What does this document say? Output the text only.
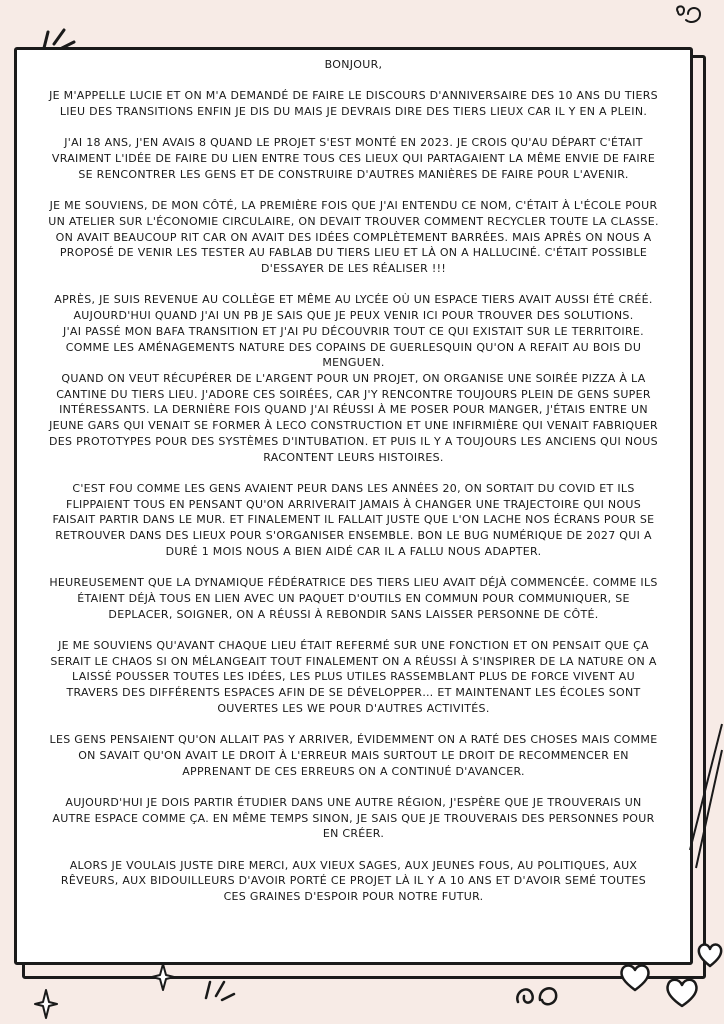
BONJOUR,

JE M'APPELLE LUCIE ET ON M'A DEMANDÉ DE FAIRE LE DISCOURS D'ANNIVERSAIRE DES 10 ANS DU TIERS LIEU DES TRANSITIONS ENFIN JE DIS DU MAIS JE DEVRAIS DIRE DES TIERS LIEUX CAR IL Y EN A PLEIN.

J'AI 18 ANS, J'EN AVAIS 8 QUAND LE PROJET S'EST MONTÉ EN 2023. JE CROIS QU'AU DÉPART C'ÉTAIT VRAIMENT L'IDÉE DE FAIRE DU LIEN ENTRE TOUS CES LIEUX QUI PARTAGAIENT LA MÊME ENVIE DE FAIRE SE RENCONTRER LES GENS ET DE CONSTRUIRE D'AUTRES MANIÈRES DE FAIRE POUR L'AVENIR.

JE ME SOUVIENS, DE MON CÔTÉ, LA PREMIÈRE FOIS QUE J'AI ENTENDU CE NOM, C'ÉTAIT À L'ÉCOLE POUR UN ATELIER SUR L'ÉCONOMIE CIRCULAIRE, ON DEVAIT TROUVER COMMENT RECYCLER TOUTE LA CLASSE. ON AVAIT BEAUCOUP RIT CAR ON AVAIT DES IDÉES COMPLÈTEMENT BARRÉES. MAIS APRÈS ON NOUS A PROPOSÉ DE VENIR LES TESTER AU FABLAB DU TIERS LIEU ET LÀ ON A HALLUCINÉ. C'ÉTAIT POSSIBLE D'ESSAYER DE LES RÉALISER !!!

APRÈS, JE SUIS REVENUE AU COLLÈGE ET MÊME AU LYCÉE OÙ UN ESPACE TIERS AVAIT AUSSI ÉTÉ CRÉÉ.
AUJOURD'HUI QUAND J'AI UN PB JE SAIS QUE JE PEUX VENIR ICI POUR TROUVER DES SOLUTIONS.
J'AI PASSÉ MON BAFA TRANSITION ET J'AI PU DÉCOUVRIR TOUT CE QUI EXISTAIT SUR LE TERRITOIRE. COMME LES AMÉNAGEMENTS NATURE DES COPAINS DE GUERLESQUIN QU'ON A REFAIT AU BOIS DU MENGUEN.
QUAND ON VEUT RÉCUPÉRER DE L'ARGENT POUR UN PROJET, ON ORGANISE UNE SOIRÉE PIZZA À LA CANTINE DU TIERS LIEU. J'ADORE CES SOIRÉES, CAR J'Y RENCONTRE TOUJOURS PLEIN DE GENS SUPER INTÉRESSANTS. LA DERNIÈRE FOIS QUAND J'AI RÉUSSI À ME POSER POUR MANGER, J'ÉTAIS ENTRE UN JEUNE GARS QUI VENAIT SE FORMER À LECO CONSTRUCTION ET UNE INFIRMIÈRE QUI VENAIT FABRIQUER DES PROTOTYPES POUR DES SYSTÈMES D'INTUBATION. ET PUIS IL Y A TOUJOURS LES ANCIENS QUI NOUS RACONTENT LEURS HISTOIRES.

C'EST FOU COMME LES GENS AVAIENT PEUR DANS LES ANNÉES 20, ON SORTAIT DU COVID ET ILS FLIPPAIENT TOUS EN PENSANT QU'ON ARRIVERAIT JAMAIS À CHANGER UNE TRAJECTOIRE QUI NOUS FAISAIT PARTIR DANS LE MUR. ET FINALEMENT IL FALLAIT JUSTE QUE L'ON LACHE NOS ÉCRANS POUR SE RETROUVER DANS DES LIEUX POUR S'ORGANISER ENSEMBLE. BON LE BUG NUMÉRIQUE DE 2027 QUI A DURÉ 1 MOIS NOUS A BIEN AIDÉ CAR IL A FALLU NOUS ADAPTER.

HEUREUSEMENT QUE LA DYNAMIQUE FÉDÉRATRICE DES TIERS LIEU AVAIT DÉJÀ COMMENCÉE. COMME ILS ÉTAIENT DÉJÀ TOUS EN LIEN AVEC UN PAQUET D'OUTILS EN COMMUN POUR COMMUNIQUER, SE DEPLACER, SOIGNER, ON A RÉUSSI À REBONDIR SANS LAISSER PERSONNE DE CÔTÉ.

JE ME SOUVIENS QU'AVANT CHAQUE LIEU ÉTAIT REFERMÉ SUR UNE FONCTION ET ON PENSAIT QUE ÇA SERAIT LE CHAOS SI ON MÉLANGEAIT TOUT FINALEMENT ON A RÉUSSI À S'INSPIRER DE LA NATURE ON A LAISSÉ POUSSER TOUTES LES IDÉES, LES PLUS UTILES RASSEMBLANT PLUS DE FORCE VIVENT AU TRAVERS DES DIFFÉRENTS ESPACES AFIN DE SE DÉVELOPPER… ET MAINTENANT LES ÉCOLES SONT OUVERTES LES WE POUR D'AUTRES ACTIVITÉS.

LES GENS PENSAIENT QU'ON ALLAIT PAS Y ARRIVER, ÉVIDEMMENT ON A RATÉ DES CHOSES MAIS COMME ON SAVAIT QU'ON AVAIT LE DROIT À L'ERREUR MAIS SURTOUT LE DROIT DE RECOMMENCER EN APPRENANT DE CES ERREURS ON A CONTINUÉ D'AVANCER.

AUJOURD'HUI JE DOIS PARTIR ÉTUDIER DANS UNE AUTRE RÉGION, J'ESPÈRE QUE JE TROUVERAIS UN AUTRE ESPACE COMME ÇA. EN MÊME TEMPS SINON, JE SAIS QUE JE TROUVERAIS DES PERSONNES POUR EN CRÉER.

ALORS JE VOULAIS JUSTE DIRE MERCI, AUX VIEUX SAGES, AUX JEUNES FOUS, AU POLITIQUES, AUX RÊVEURS, AUX BIDOUILLEURS D'AVOIR PORTÉ CE PROJET LÀ IL Y A 10 ANS ET D'AVOIR SEMÉ TOUTES CES GRAINES D'ESPOIR POUR NOTRE FUTUR.
